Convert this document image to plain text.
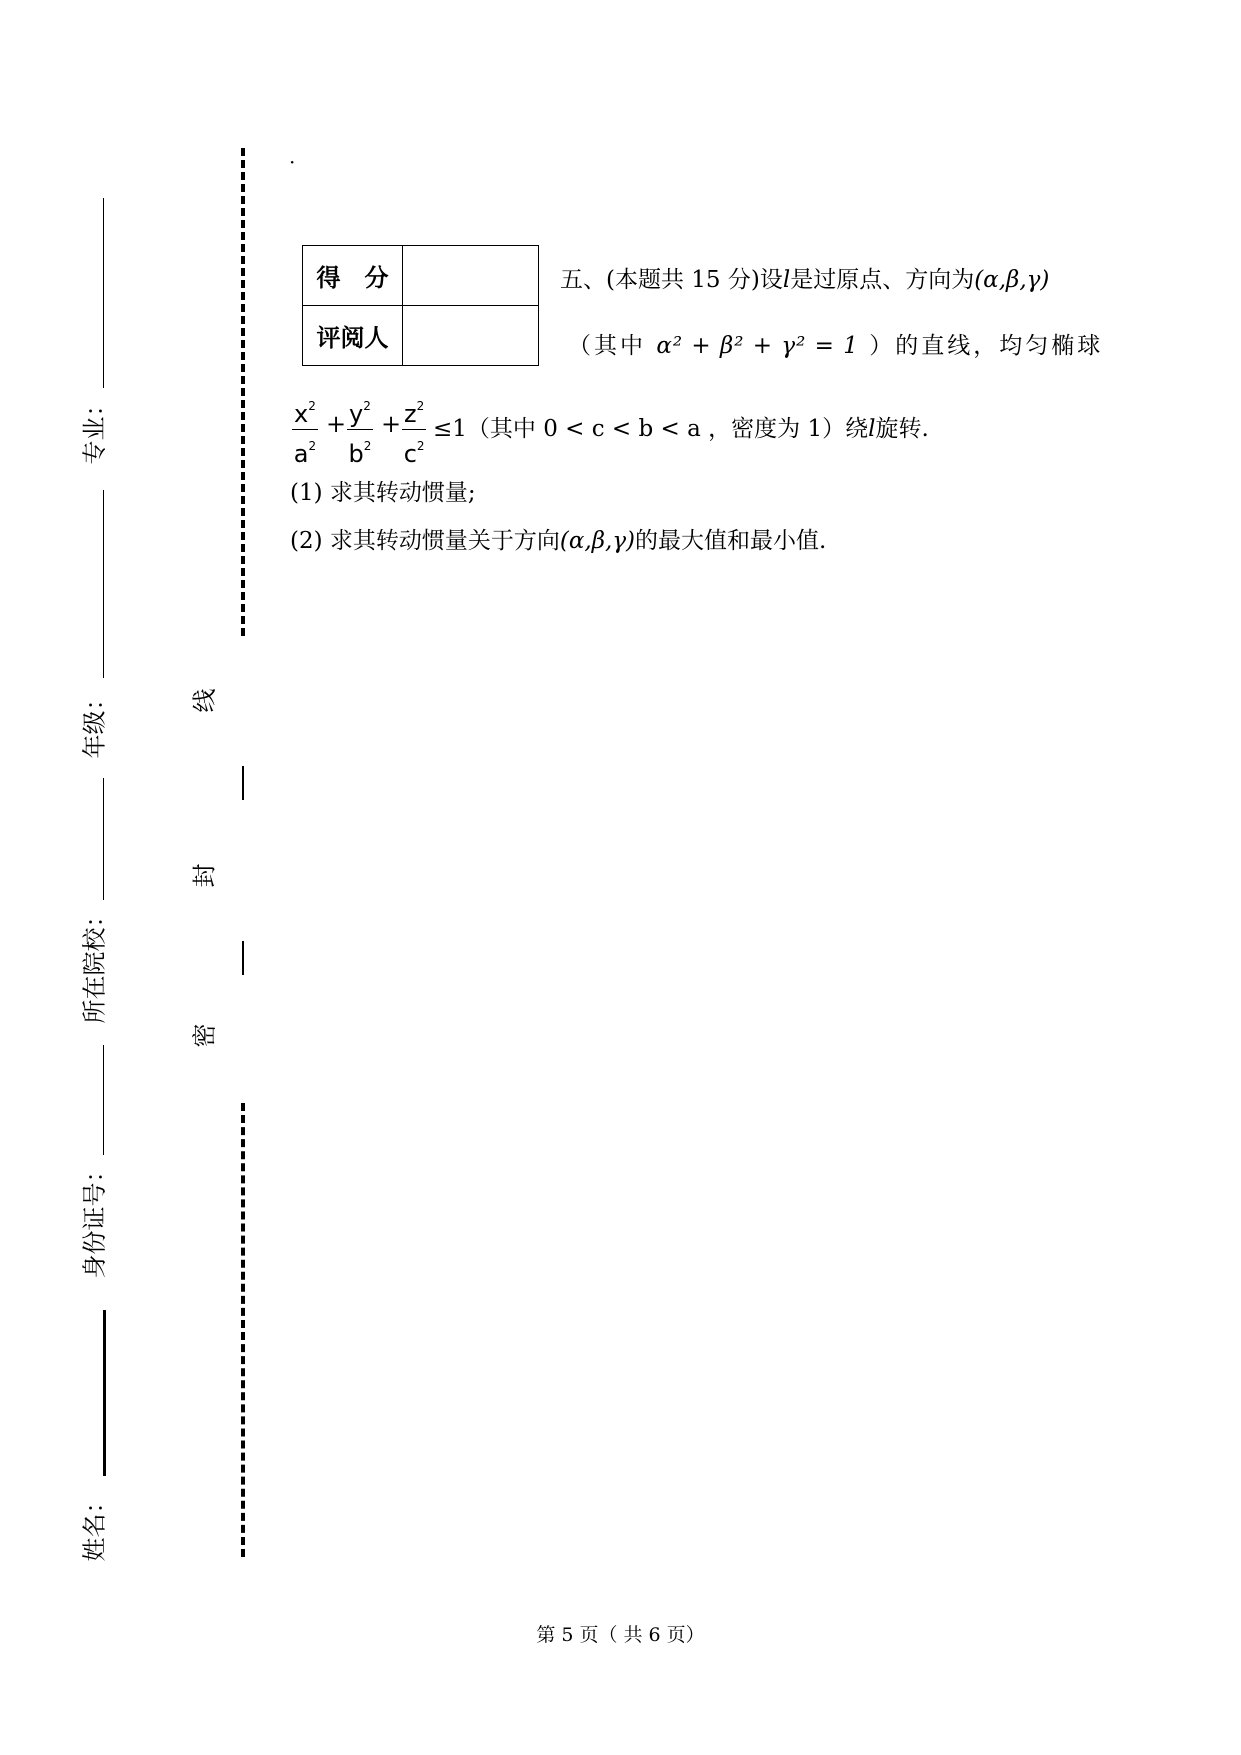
·
专业：
年级：
所在院校：
身份证号：
姓名：
线
封
密
得　分	
评阅人	
五、(本题共 15 分)设l是过原点、方向为(α,β,γ)
（其中 α² + β² + γ² = 1 ）的直线，均匀椭球
$\frac{x^2}{a^2} + \frac{y^2}{b^2} + \frac{z^2}{c^2} \le 1$（其中 0 < c < b < a ，密度为 1）绕l旋转.
(1) 求其转动惯量;
(2) 求其转动惯量关于方向(α,β,γ)的最大值和最小值.
第 5 页（ 共 6 页）
